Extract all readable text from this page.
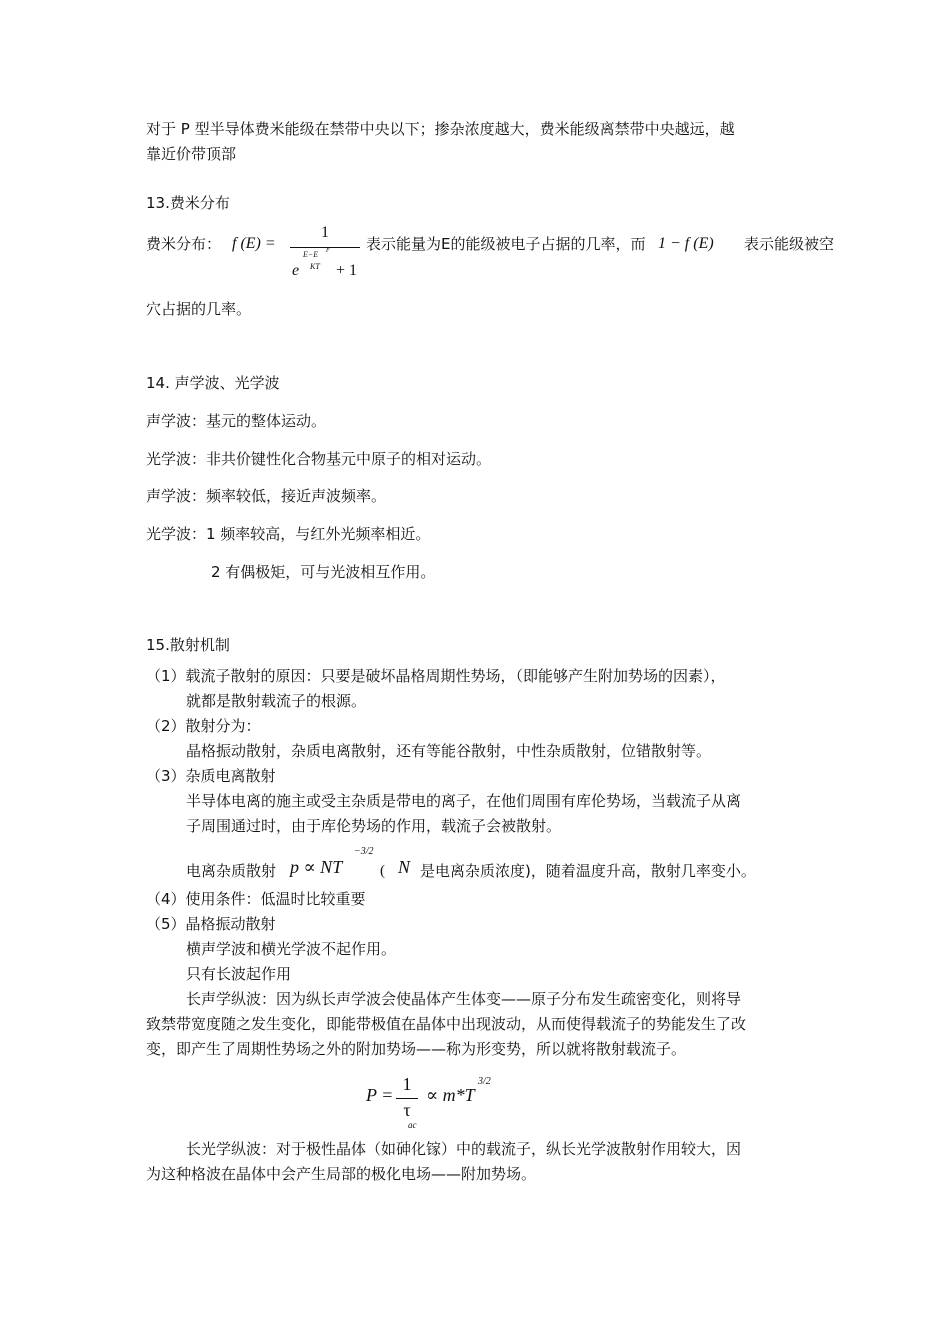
对于 P 型半导体费米能级在禁带中央以下；掺杂浓度越大，费米能级离禁带中央越远，越
靠近价带顶部
13.费米分布
费米分布： f (E) =
1
e
E−E F
KT + 1
表示能量为E的能级被电子占据的几率，而 1 − f (E) 表示能级被空
穴占据的几率。
14. 声学波、光学波
声学波：基元的整体运动。
光学波：非共价键性化合物基元中原子的相对运动。
声学波：频率较低，接近声波频率。
光学波：1 频率较高，与红外光频率相近。
2 有偶极矩，可与光波相互作用。
15.散射机制
（1）载流子散射的原因：只要是破坏晶格周期性势场，（即能够产生附加势场的因素），
就都是散射载流子的根源。
（2）散射分为：
晶格振动散射，杂质电离散射，还有等能谷散射，中性杂质散射，位错散射等。
（3）杂质电离散射
半导体电离的施主或受主杂质是带电的离子，在他们周围有库伦势场，当载流子从离
子周围通过时，由于库伦势场的作用，载流子会被散射。
电离杂质散射 p ∝ NT
−3/2
( N 是电离杂质浓度)，随着温度升高，散射几率变小。
（4）使用条件：低温时比较重要
（5）晶格振动散射
横声学波和横光学波不起作用。
只有长波起作用
长声学纵波：因为纵长声学波会使晶体产生体变——原子分布发生疏密变化，则将导
致禁带宽度随之发生变化，即能带极值在晶体中出现波动，从而使得载流子的势能发生了改
变，即产生了周期性势场之外的附加势场——称为形变势，所以就将散射载流子。
P =
1
τ
ac
∝ m*T
3/2
长光学纵波：对于极性晶体（如砷化镓）中的载流子，纵长光学波散射作用较大，因
为这种格波在晶体中会产生局部的极化电场——附加势场。
